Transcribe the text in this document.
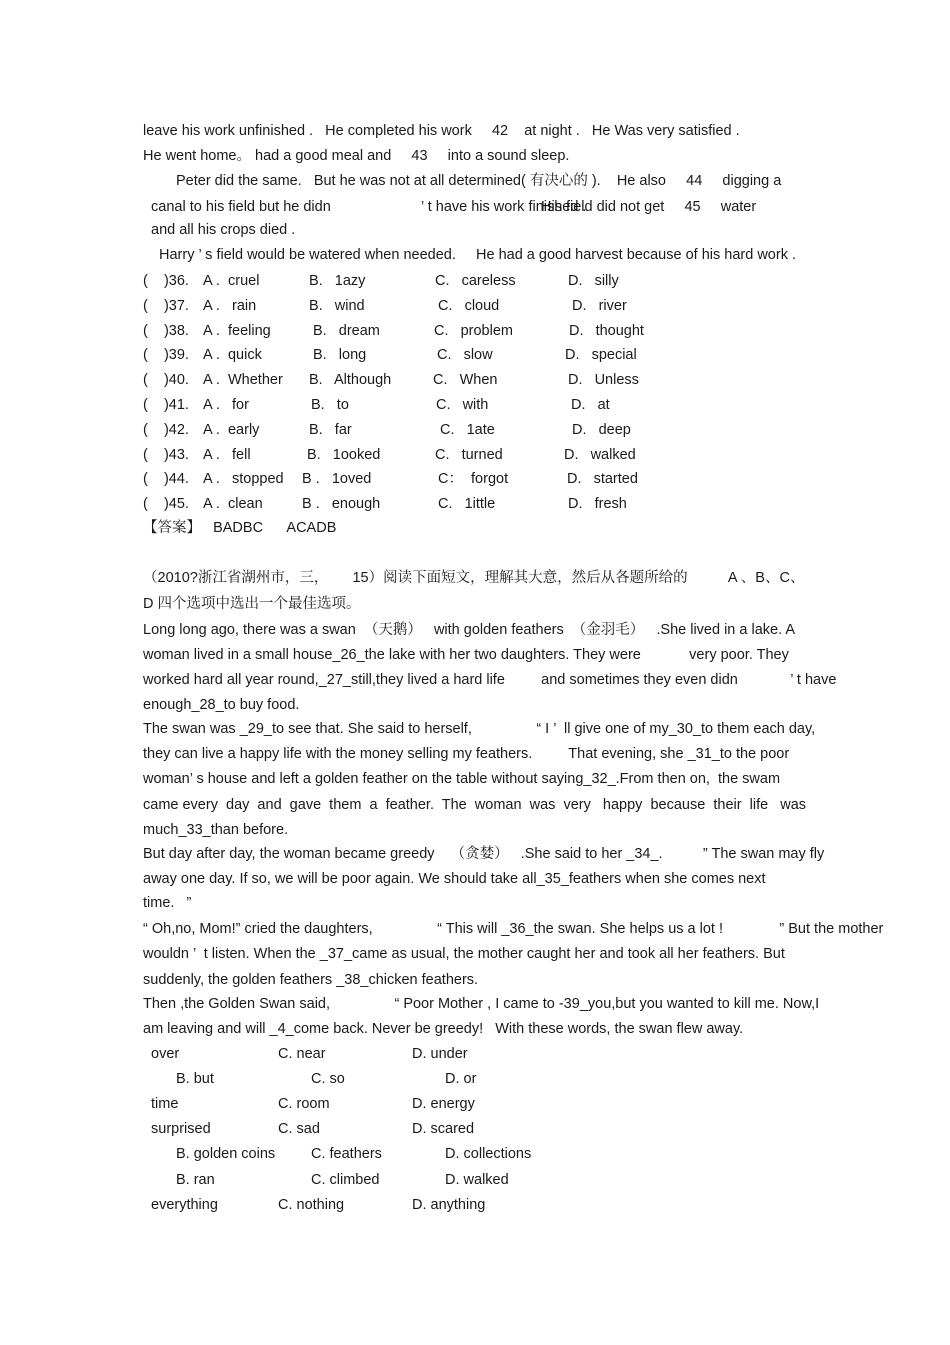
leave his work unfinished .   He completed his work     42    at night .   He Was very satisfied .
He went home。 had a good meal and     43     into a sound sleep.
Peter did the same.   But he was not at all determined( 有决心的 ).    He also     44     digging a
canal to his field but he didn	’ t have his work finished .
His field did not get     45     water
and all his crops died .
Harry ’ s field would be watered when needed. He had a good harvest because of his hard work .
(    )36. A .  cruel	B.   1azy	C.   careless	D.   silly
(    )37. A .   rain	B.   wind	C.   cloud	D.   river
(    )38. A .  feeling	B.   dream	C.   problem	D.   thought
(    )39. A .  quick	B.   long	C.   slow	D.   special
(    )40. A .  Whether B.   Although	C.   When	D.   Unless
(    )41. A .   for	B.   to	C.   with	D.   at
(    )42. A .  early	B.   far	C.   1ate	D.   deep
(    )43. A .   fell	B.   1ooked	C.   turned	D.   walked
(    )44. A .   stopped B .   1oved	C：  forgot	D.   started
(    )45. A .  clean	B .   enough	C.   1ittle	D.   fresh
【答案】   BADBC      ACADB
（2010?浙江省湖州市，三，      15）阅读下面短文，理解其大意，然后从各题所给的          A 、B、C、
D 四个选项中选出一个最佳选项。
Long long ago, there was a swan  （天鹅）   with golden feathers  （金羽毛）   .She lived in a lake. A
woman lived in a small house_26_the lake with her two daughters. They were            very poor. They
worked hard all year round,_27_still,they lived a hard life         and sometimes they even didn             ’ t have
enough_28_to buy food.
The swan was _29_to see that. She said to herself,                “ I ’  ll give one of my_30_to them each day,
they can live a happy life with the money selling my feathers.         That evening, she _31_to the poor
woman’ s house and left a golden feather on the table without saying_32_.From then on,  the swam
came every  day  and  gave  them  a  feather.  The  woman  was  very   happy  because  their  life   was
much_33_than before.
But day after day, the woman became greedy    （贪婪）   .She said to her _34_.          ” The swan may fly
away one day. If so, we will be poor again. We should take all_35_feathers when she comes next
time.   ”
“ Oh,no, Mom!” cried the daughters,                “ This will _36_the swan. She helps us a lot !              ” But the mother
wouldn ’  t listen. When the _37_came as usual, the mother caught her and took all her feathers. But
suddenly, the golden feathers _38_chicken feathers.
Then ,the Golden Swan said,                “ Poor Mother , I came to -39_you,but you wanted to kill me. Now,I
am leaving and will _4_come back. Never be greedy!   With these words, the swan flew away.
over	C. near	D. under
B. but	C. so	D. or
time	C. room	D. energy
surprised	C. sad	D. scared
B. golden coins C. feathers	D. collections
B. ran	C. climbed	D. walked
everything	C. nothing	D. anything
